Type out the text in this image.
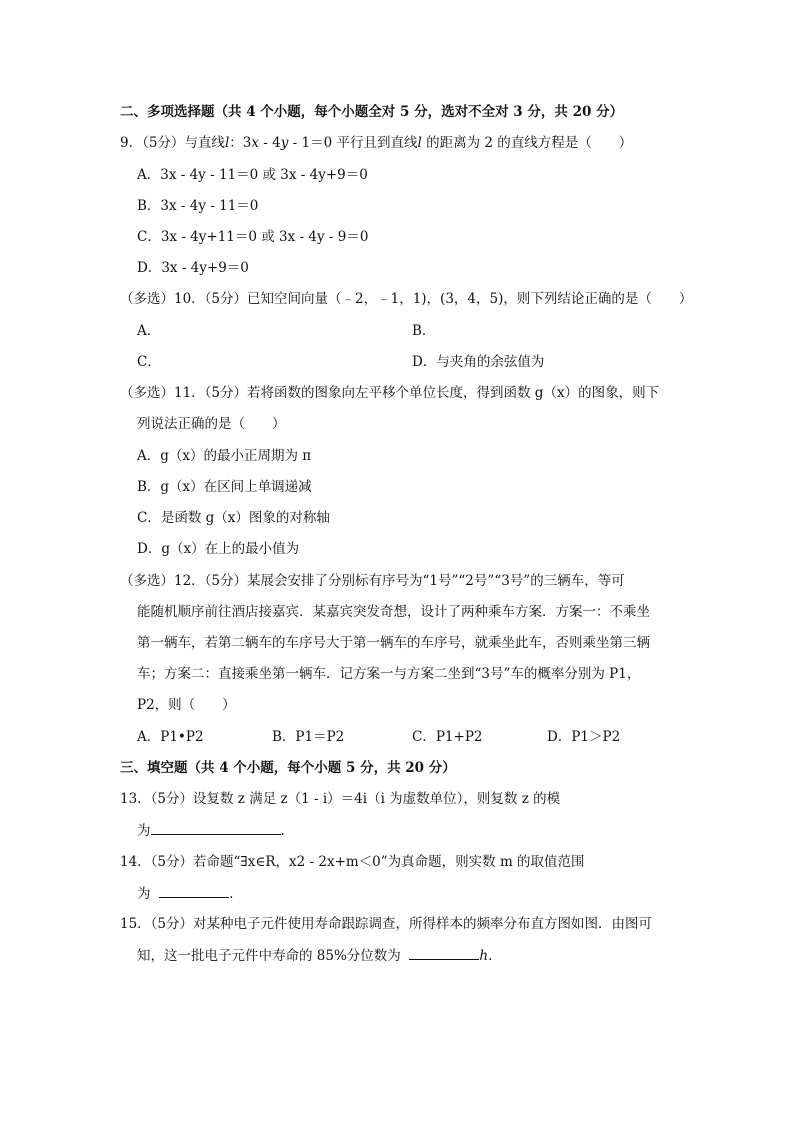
二、多项选择题（共 4 个小题，每个小题全对 5 分，选对不全对 3 分，共 20 分）
9．（5分）与直线l：3x - 4y - 1＝0 平行且到直线l 的距离为 2 的直线方程是（　　）
A．3x - 4y - 11＝0 或 3x - 4y+9＝0
B．3x - 4y - 11＝0
C．3x - 4y+11＝0 或 3x - 4y - 9＝0
D．3x - 4y+9＝0
（多选）10．（5分）已知空间向量（﹣2，﹣1，1)，(3，4，5)，则下列结论正确的是（　　）
A．	B．
C．	D．与夹角的余弦值为
（多选）11．（5分）若将函数的图象向左平移个单位长度，得到函数 g（x）的图象，则下
列说法正确的是（　　）
A．g（x）的最小正周期为 π
B．g（x）在区间上单调递减
C．是函数 g（x）图象的对称轴
D．g（x）在上的最小值为
（多选）12．（5分）某展会安排了分别标有序号为“1号”“2号”“3号”的三辆车，等可
能随机顺序前往酒店接嘉宾．某嘉宾突发奇想，设计了两种乘车方案．方案一：不乘坐
第一辆车，若第二辆车的车序号大于第一辆车的车序号，就乘坐此车，否则乘坐第三辆
车；方案二：直接乘坐第一辆车．记方案一与方案二坐到“3号”车的概率分别为 P1，
P2，则（　　）
A．P1•P2	B．P1＝P2	C．P1+P2	D．P1＞P2
三、填空题（共 4 个小题，每个小题 5 分，共 20 分）
13．（5分）设复数 z 满足 z（1 - i）＝4i（i 为虚数单位），则复数 z 的模
为	.
14．（5分）若命题“∃x∈R，x2 - 2x+m＜0”为真命题，则实数 m 的取值范围
为	.
15．（5分）对某种电子元件使用寿命跟踪调查，所得样本的频率分布直方图如图．由图可
知，这一批电子元件中寿命的 85%分位数为	h.
